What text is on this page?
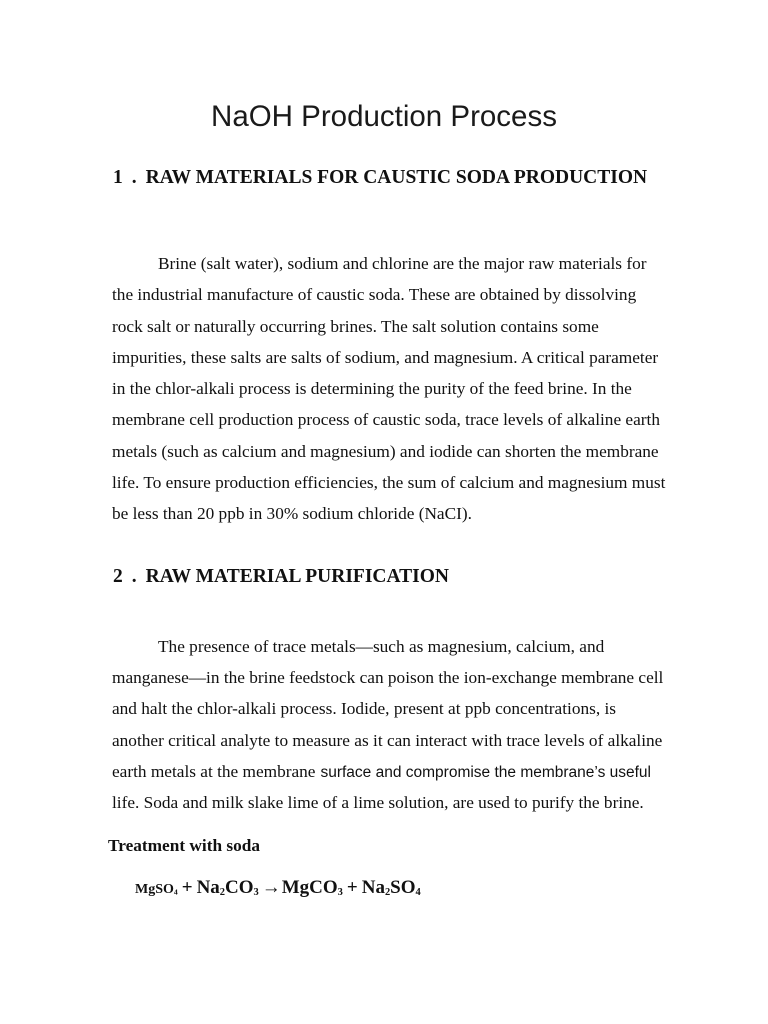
NaOH Production Process
1 . RAW MATERIALS FOR CAUSTIC SODA PRODUCTION
Brine (salt water), sodium and chlorine are the major raw materials for
the industrial manufacture of caustic soda. These are obtained by dissolving
rock salt or naturally occurring brines. The salt solution contains some
impurities, these salts are salts of sodium, and magnesium. A critical parameter
in the chlor-alkali process is determining the purity of the feed brine. In the
membrane cell production process of caustic soda, trace levels of alkaline earth
metals (such as calcium and magnesium) and iodide can shorten the membrane
life. To ensure production efficiencies, the sum of calcium and magnesium must
be less than 20 ppb in 30% sodium chloride (NaCI).
2 . RAW MATERIAL PURIFICATION
The presence of trace metals—such as magnesium, calcium, and
manganese—in the brine feedstock can poison the ion-exchange membrane cell
and halt the chlor-alkali process. Iodide, present at ppb concentrations, is
another critical analyte to measure as it can interact with trace levels of alkaline
earth metals at the membrane surface and compromise the membrane’s useful
life. Soda and milk slake lime of a lime solution, are used to purify the brine.
Treatment with soda
MgSO$_4$ + $Na_2CO_3$ →MgCO$_3$ + $Na_2SO_4$
